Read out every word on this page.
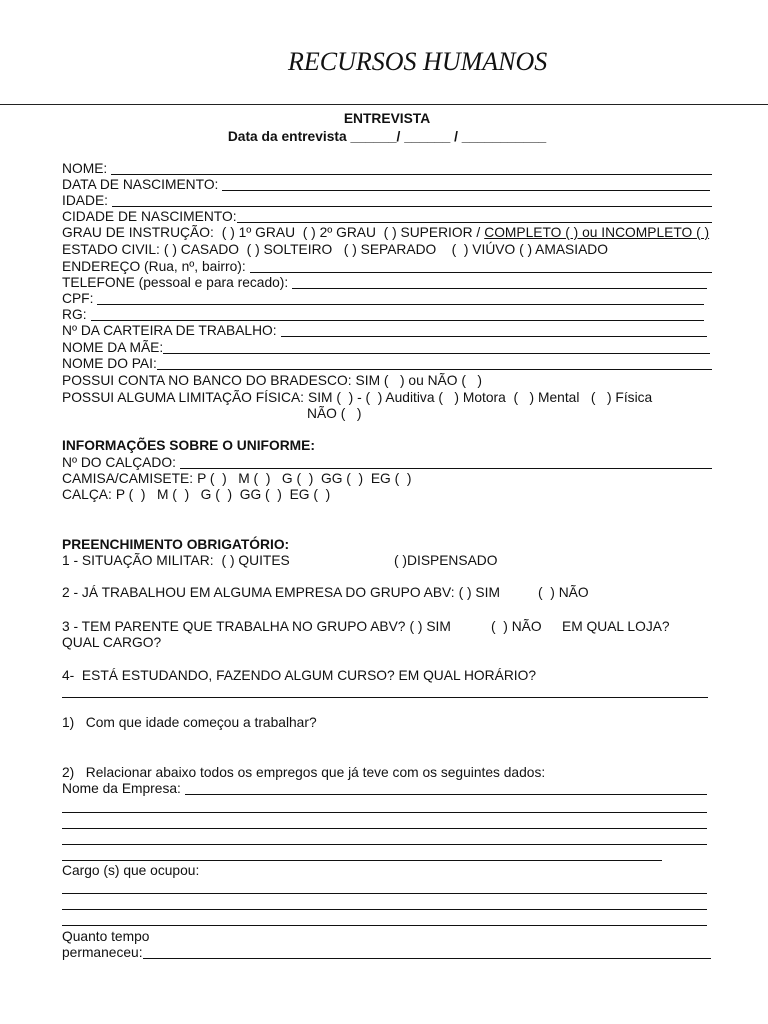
RECURSOS HUMANOS
ENTREVISTA
Data da entrevista ______/ ______ / ___________
NOME:
DATA DE NASCIMENTO:
IDADE:
CIDADE DE NASCIMENTO:
GRAU DE INSTRUÇÃO: ( ) 1º GRAU  ( ) 2º GRAU  ( ) SUPERIOR / COMPLETO ( ) ou INCOMPLETO ( )
ESTADO CIVIL: ( ) CASADO  ( ) SOLTEIRO   ( ) SEPARADO    (  ) VIÚVO ( ) AMASIADO
ENDEREÇO (Rua, nº, bairro):
TELEFONE (pessoal e para recado):
CPF:
RG:
Nº DA CARTEIRA DE TRABALHO:
NOME DA MÃE:
NOME DO PAI:
POSSUI CONTA NO BANCO DO BRADESCO: SIM (   ) ou NÃO (   )
POSSUI ALGUMA LIMITAÇÃO FÍSICA: SIM (  ) - (  ) Auditiva (   ) Motora  (   ) Mental   (   ) Física
NÃO (   )
INFORMAÇÕES SOBRE O UNIFORME:
Nº DO CALÇADO:
CAMISA/CAMISETE: P (  )   M (  )   G (  )  GG (  )  EG (  )
CALÇA: P (  )   M (  )   G (  )  GG (  )  EG (  )
PREENCHIMENTO OBRIGATÓRIO:
1 - SITUAÇÃO MILITAR: ( ) QUITES	( )DISPENSADO
2 - JÁ TRABALHOU EM ALGUMA EMPRESA DO GRUPO ABV: ( ) SIM	(  ) NÃO
3 - TEM PARENTE QUE TRABALHA NO GRUPO ABV? ( ) SIM	(  ) NÃO EM QUAL LOJA?
QUAL CARGO?
4-  ESTÁ ESTUDANDO, FAZENDO ALGUM CURSO? EM QUAL HORÁRIO?
1)   Com que idade começou a trabalhar?
2)   Relacionar abaixo todos os empregos que já teve com os seguintes dados:
Nome da Empresa:
Cargo (s) que ocupou:
Quanto tempo
permaneceu:
